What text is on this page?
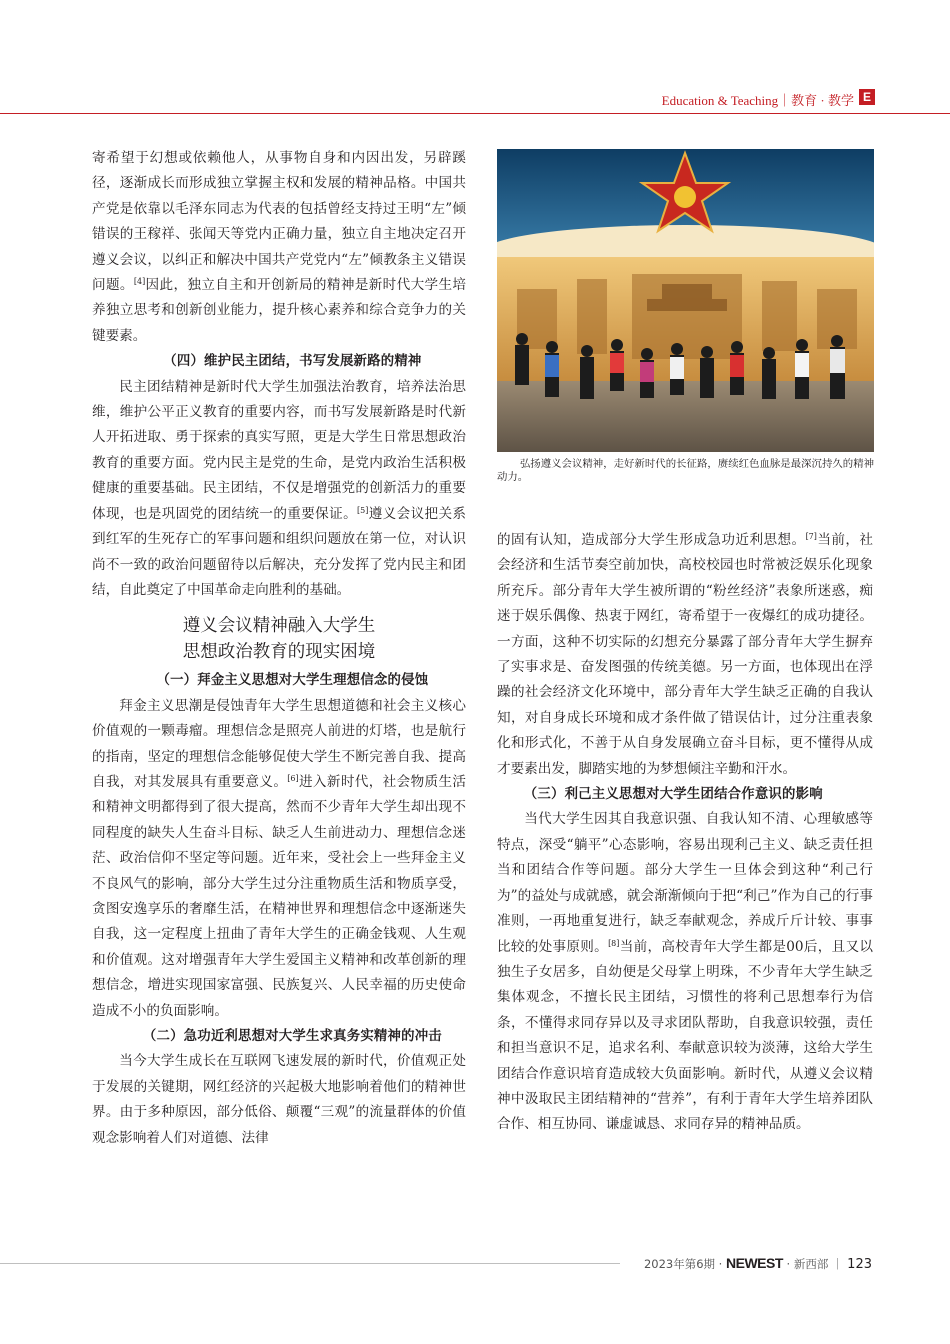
Education & Teaching｜教育 · 教学 E

寄希望于幻想或依赖他人，从事物自身和内因出发，另辟蹊径，逐渐成长而形成独立掌握主权和发展的精神品格。中国共产党是依靠以毛泽东同志为代表的包括曾经支持过王明“左”倾错误的王稼祥、张闻天等党内正确力量，独立自主地决定召开遵义会议，以纠正和解决中国共产党党内“左”倾教条主义错误问题。[4]因此，独立自主和开创新局的精神是新时代大学生培养独立思考和创新创业能力，提升核心素养和综合竞争力的关键要素。

（四）维护民主团结，书写发展新路的精神

民主团结精神是新时代大学生加强法治教育，培养法治思维，维护公平正义教育的重要内容，而书写发展新路是时代新人开拓进取、勇于探索的真实写照，更是大学生日常思想政治教育的重要方面。党内民主是党的生命，是党内政治生活积极健康的重要基础。民主团结，不仅是增强党的创新活力的重要体现，也是巩固党的团结统一的重要保证。[5]遵义会议把关系到红军的生死存亡的军事问题和组织问题放在第一位，对认识尚不一致的政治问题留待以后解决，充分发挥了党内民主和团结，自此奠定了中国革命走向胜利的基础。

遵义会议精神融入大学生
思想政治教育的现实困境

（一）拜金主义思想对大学生理想信念的侵蚀

拜金主义思潮是侵蚀青年大学生思想道德和社会主义核心价值观的一颗毒瘤。理想信念是照亮人前进的灯塔，也是航行的指南，坚定的理想信念能够促使大学生不断完善自我、提高自我，对其发展具有重要意义。[6]进入新时代，社会物质生活和精神文明都得到了很大提高，然而不少青年大学生却出现不同程度的缺失人生奋斗目标、缺乏人生前进动力、理想信念迷茫、政治信仰不坚定等问题。近年来，受社会上一些拜金主义不良风气的影响，部分大学生过分注重物质生活和物质享受，贪图安逸享乐的奢靡生活，在精神世界和理想信念中逐渐迷失自我，这一定程度上扭曲了青年大学生的正确金钱观、人生观和价值观。这对增强青年大学生爱国主义精神和改革创新的理想信念，增进实现国家富强、民族复兴、人民幸福的历史使命造成不小的负面影响。

（二）急功近利思想对大学生求真务实精神的冲击

当今大学生成长在互联网飞速发展的新时代，价值观正处于发展的关键期，网红经济的兴起极大地影响着他们的精神世界。由于多种原因，部分低俗、颠覆“三观”的流量群体的价值观念影响着人们对道德、法律

弘扬遵义会议精神，走好新时代的长征路，赓续红色血脉是最深沉持久的精神动力。

的固有认知，造成部分大学生形成急功近利思想。[7]当前，社会经济和生活节奏空前加快，高校校园也时常被泛娱乐化现象所充斥。部分青年大学生被所谓的“粉丝经济”表象所迷惑，痴迷于娱乐偶像、热衷于网红，寄希望于一夜爆红的成功捷径。一方面，这种不切实际的幻想充分暴露了部分青年大学生摒弃了实事求是、奋发图强的传统美德。另一方面，也体现出在浮躁的社会经济文化环境中，部分青年大学生缺乏正确的自我认知，对自身成长环境和成才条件做了错误估计，过分注重表象化和形式化，不善于从自身发展确立奋斗目标，更不懂得从成才要素出发，脚踏实地的为梦想倾注辛勤和汗水。

（三）利己主义思想对大学生团结合作意识的影响

当代大学生因其自我意识强、自我认知不清、心理敏感等特点，深受“躺平”心态影响，容易出现利己主义、缺乏责任担当和团结合作等问题。部分大学生一旦体会到这种“利己行为”的益处与成就感，就会渐渐倾向于把“利己”作为自己的行事准则，一再地重复进行，缺乏奉献观念，养成斤斤计较、事事比较的处事原则。[8]当前，高校青年大学生都是00后，且又以独生子女居多，自幼便是父母掌上明珠，不少青年大学生缺乏集体观念，不擅长民主团结，习惯性的将利己思想奉行为信条，不懂得求同存异以及寻求团队帮助，自我意识较强，责任和担当意识不足，追求名利、奉献意识较为淡薄，这给大学生团结合作意识培育造成较大负面影响。新时代，从遵义会议精神中汲取民主团结精神的“营养”，有利于青年大学生培养团队合作、相互协同、谦虚诚恳、求同存异的精神品质。

2023年第6期 · NEWEST · 新西部 ｜ 123
